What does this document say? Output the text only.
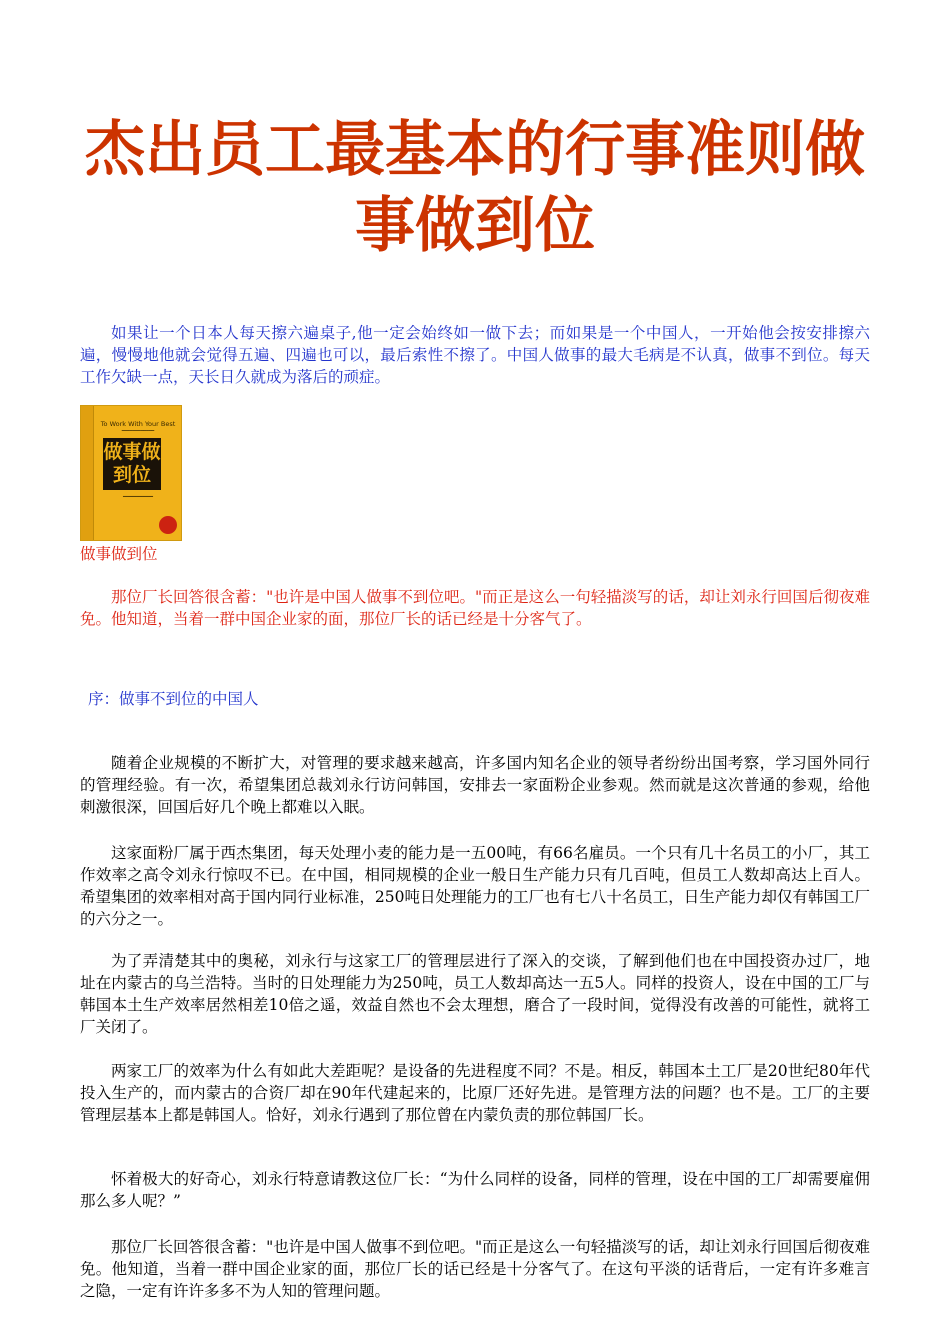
杰出员工最基本的行事准则做事做到位

如果让一个日本人每天擦六遍桌子,他一定会始终如一做下去；而如果是一个中国人，一开始他会按安排擦六遍，慢慢地他就会觉得五遍、四遍也可以，最后索性不擦了。中国人做事的最大毛病是不认真，做事不到位。每天工作欠缺一点，天长日久就成为落后的顽症。

To Work With Your Best
━━━━━━━━━━━━
做事做到位
━━━━━━━━━━

做事做到位

那位厂长回答很含蓄："也许是中国人做事不到位吧。"而正是这么一句轻描淡写的话，却让刘永行回国后彻夜难免。他知道，当着一群中国企业家的面，那位厂长的话已经是十分客气了。

序：做事不到位的中国人

随着企业规模的不断扩大，对管理的要求越来越高，许多国内知名企业的领导者纷纷出国考察，学习国外同行的管理经验。有一次，希望集团总裁刘永行访问韩国，安排去一家面粉企业参观。然而就是这次普通的参观，给他刺激很深，回国后好几个晚上都难以入眠。

这家面粉厂属于西杰集团，每天处理小麦的能力是一五00吨，有66名雇员。一个只有几十名员工的小厂，其工作效率之高令刘永行惊叹不已。在中国，相同规模的企业一般日生产能力只有几百吨，但员工人数却高达上百人。希望集团的效率相对高于国内同行业标准，250吨日处理能力的工厂也有七八十名员工，日生产能力却仅有韩国工厂的六分之一。

为了弄清楚其中的奥秘，刘永行与这家工厂的管理层进行了深入的交谈，了解到他们也在中国投资办过厂，地址在内蒙古的乌兰浩特。当时的日处理能力为250吨，员工人数却高达一五5人。同样的投资人，设在中国的工厂与韩国本土生产效率居然相差10倍之遥，效益自然也不会太理想，磨合了一段时间，觉得没有改善的可能性，就将工厂关闭了。

两家工厂的效率为什么有如此大差距呢？是设备的先进程度不同？不是。相反，韩国本土工厂是20世纪80年代投入生产的，而内蒙古的合资厂却在90年代建起来的，比原厂还好先进。是管理方法的问题？也不是。工厂的主要管理层基本上都是韩国人。恰好，刘永行遇到了那位曾在内蒙负责的那位韩国厂长。

怀着极大的好奇心，刘永行特意请教这位厂长：“为什么同样的设备，同样的管理，设在中国的工厂却需要雇佣那么多人呢？”

那位厂长回答很含蓄："也许是中国人做事不到位吧。"而正是这么一句轻描淡写的话，却让刘永行回国后彻夜难免。他知道，当着一群中国企业家的面，那位厂长的话已经是十分客气了。在这句平淡的话背后，一定有许多难言之隐，一定有许许多多不为人知的管理问题。
